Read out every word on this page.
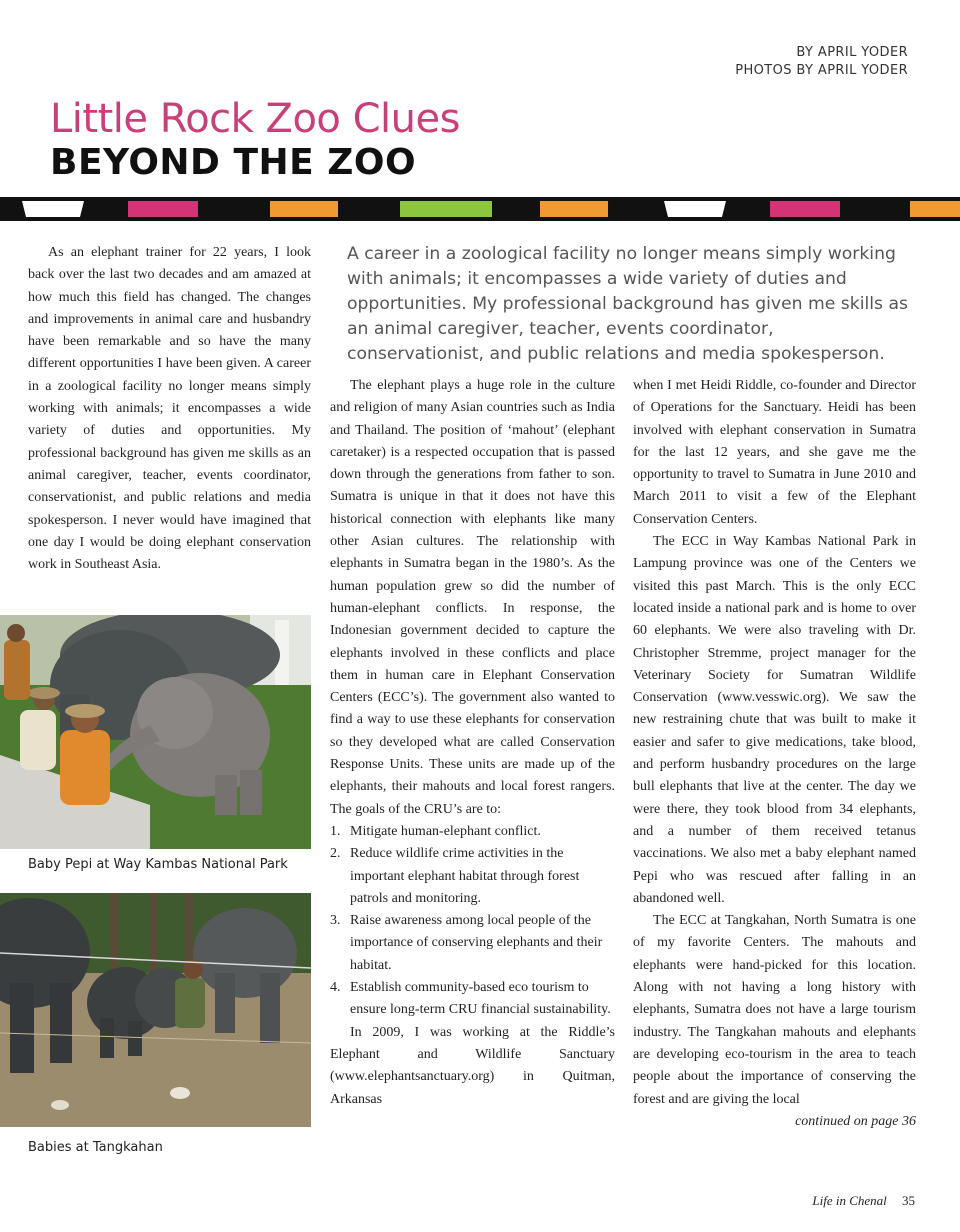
BY APRIL YODER
PHOTOS BY APRIL YODER
Little Rock Zoo Clues
BEYOND THE ZOO

As an elephant trainer for 22 years, I look back over the last two decades and am amazed at how much this field has changed. The changes and improvements in animal care and husbandry have been remarkable and so have the many different opportunities I have been given. A career in a zoological facility no longer means simply working with animals; it encompasses a wide variety of duties and opportunities. My professional background has given me skills as an animal caregiver, teacher, events coordinator, conservationist, and public relations and media spokesperson. I never would have imagined that one day I would be doing elephant conservation work in Southeast Asia.

A career in a zoological facility no longer means simply working with animals; it encompasses a wide variety of duties and opportunities. My professional background has given me skills as an animal caregiver, teacher, events coordinator, conservationist, and public relations and media spokesperson.

The elephant plays a huge role in the culture and religion of many Asian countries such as India and Thailand. The position of ‘mahout’ (elephant caretaker) is a respected occupation that is passed down through the generations from father to son. Sumatra is unique in that it does not have this historical connection with elephants like many other Asian cultures. The relationship with elephants in Sumatra began in the 1980’s. As the human population grew so did the number of human-elephant conflicts. In response, the Indonesian government decided to capture the elephants involved in these conflicts and place them in human care in Elephant Conservation Centers (ECC’s). The government also wanted to find a way to use these elephants for conservation so they developed what are called Conservation Response Units. These units are made up of the elephants, their mahouts and local forest rangers. The goals of the CRU’s are to:

1. Mitigate human-elephant conflict.
2. Reduce wildlife crime activities in the important elephant habitat through forest patrols and monitoring.
3. Raise awareness among local people of the importance of conserving elephants and their habitat.
4. Establish community-based eco tourism to ensure long-term CRU financial sustainability.

In 2009, I was working at the Riddle’s Elephant and Wildlife Sanctuary (www.elephantsanctuary.org) in Quitman, Arkansas

when I met Heidi Riddle, co-founder and Director of Operations for the Sanctuary. Heidi has been involved with elephant conservation in Sumatra for the last 12 years, and she gave me the opportunity to travel to Sumatra in June 2010 and March 2011 to visit a few of the Elephant Conservation Centers.

The ECC in Way Kambas National Park in Lampung province was one of the Centers we visited this past March. This is the only ECC located inside a national park and is home to over 60 elephants. We were also traveling with Dr. Christopher Stremme, project manager for the Veterinary Society for Sumatran Wildlife Conservation (www.vesswic.org). We saw the new restraining chute that was built to make it easier and safer to give medications, take blood, and perform husbandry procedures on the large bull elephants that live at the center. The day we were there, they took blood from 34 elephants, and a number of them received tetanus vaccinations. We also met a baby elephant named Pepi who was rescued after falling in an abandoned well.

The ECC at Tangkahan, North Sumatra is one of my favorite Centers. The mahouts and elephants were hand-picked for this location. Along with not having a long history with elephants, Sumatra does not have a large tourism industry. The Tangkahan mahouts and elephants are developing eco-tourism in the area to teach people about the importance of conserving the forest and are giving the local

continued on page 36

Baby Pepi at Way Kambas National Park
Babies at Tangkahan
Life in Chenal 35
